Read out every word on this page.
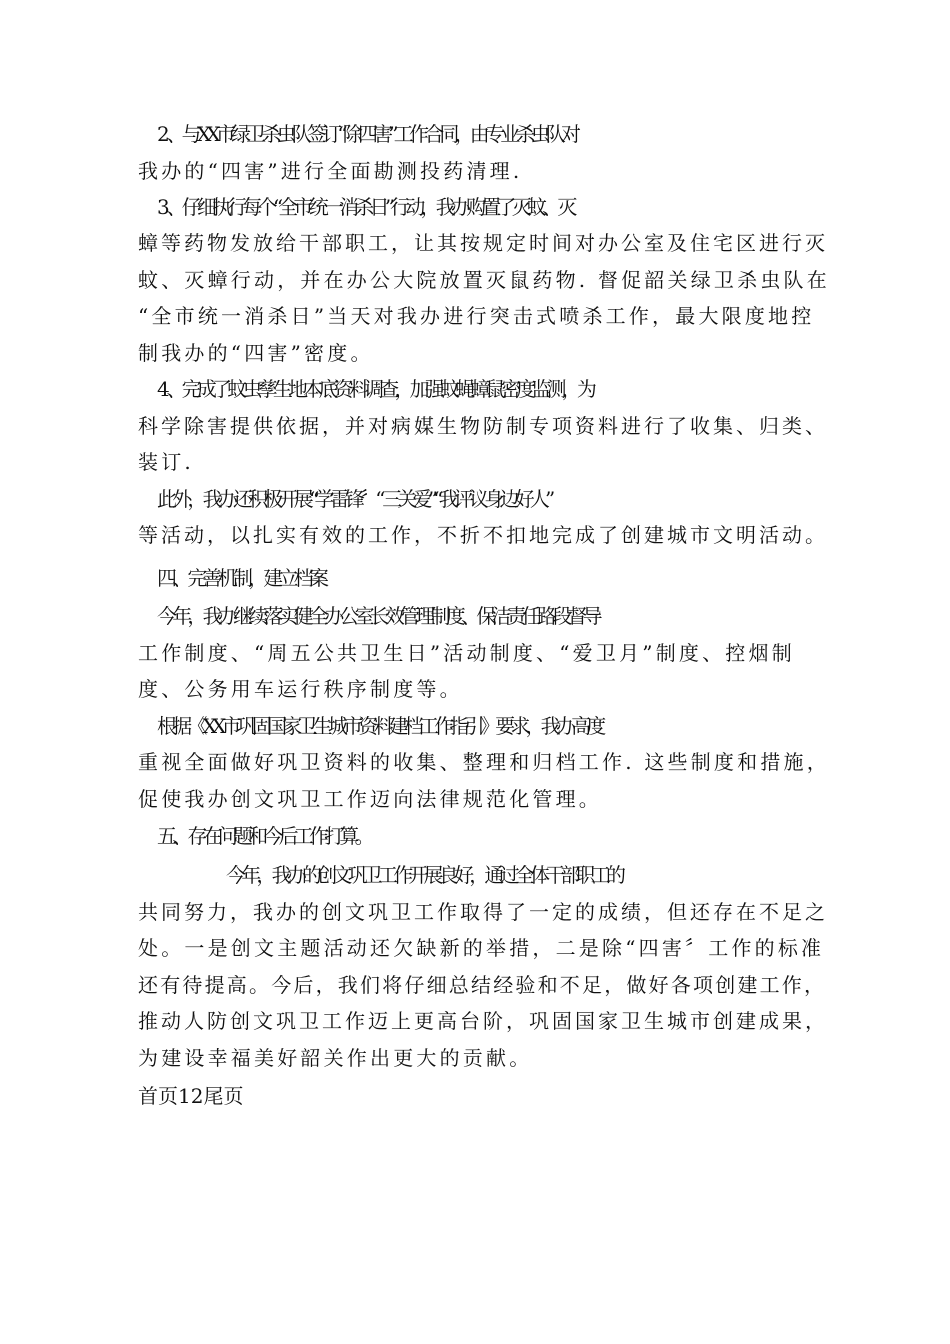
2 、与XX市绿卫杀虫队签订“除四害”工作合同，由专业杀虫队对
我办的“四害”进行全面勘测投药清理.
3 、仔细执行每个“全市统一消杀日”行动，我办购置了灭蚊、灭
蟑等药物发放给干部职工，让其按规定时间对办公室及住宅区进行灭
蚊、灭蟑行动，并在办公大院放置灭鼠药物. 督促韶关绿卫杀虫队在
“全市统一消杀日”当天对我办进行突击式喷杀工作，最大限度地控
制我办的“四害”密度。
4 、完成了蚊虫孳生地本底资料调查，加强蚊蝇蟑鼠密度监测，为
科学除害提供依据，并对病媒生物防制专项资料进行了收集、归类、
装订.
此外，我办还积极开展“学雷锋〞“ 三关爱”“我评议身边好人”
等活动，以扎实有效的工作，不折不扣地完成了创建城市文明活动。
四、完善机制，建立档案
今年，我办继续落实健全办公室长效管理制度、保洁责任路段督导
工作制度、“周五公共卫生日”活动制度、“爱卫月”制度、控烟制
度、公务用车运行秩序制度等。
根据《XX市巩固国家卫生城市资料建档工作指引》要求，我办高度
重视全面做好巩卫资料的收集、整理和归档工作. 这些制度和措施，
促使我办创文巩卫工作迈向法律规范化管理。
五、存在问题和今后工作打算。
今年，我办的创文巩卫工作开展良好，通过全体干部职工的
共同努力，我办的创文巩卫工作取得了一定的成绩，但还存在不足之
处。一是创文主题活动还欠缺新的举措，二是除“四害〞工作的标准
还有待提高。今后，我们将仔细总结经验和不足，做好各项创建工作，
推动人防创文巩卫工作迈上更高台阶，巩固国家卫生城市创建成果，
为建设幸福美好韶关作出更大的贡献。
首页12尾页
